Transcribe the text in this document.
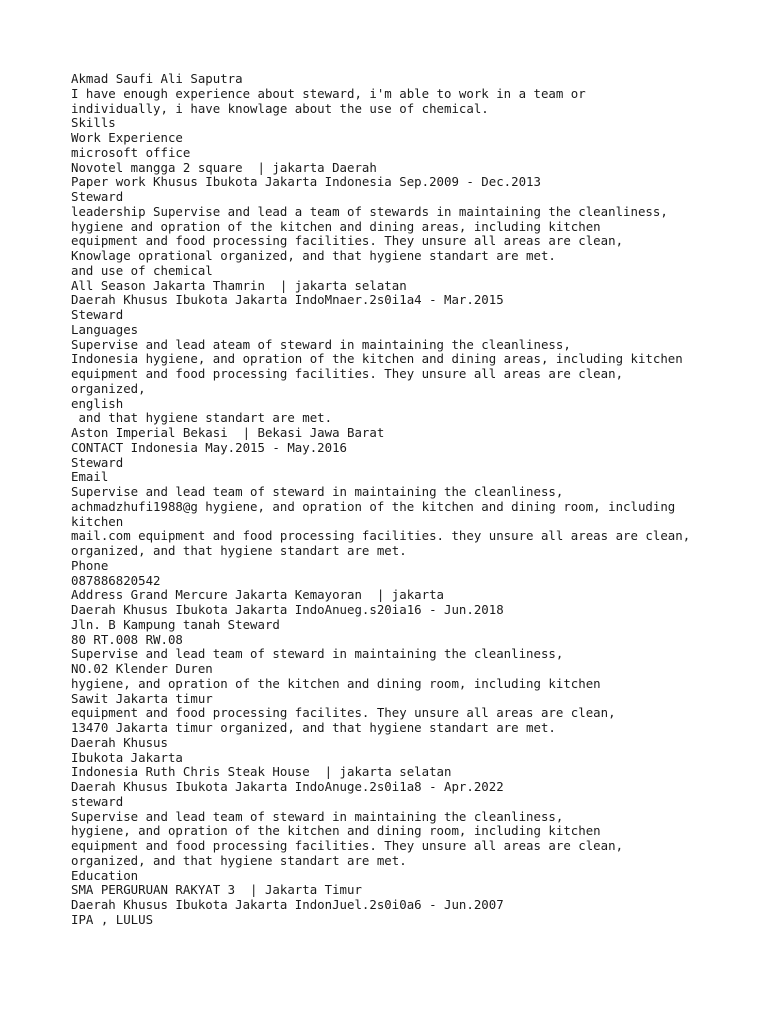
Akmad Saufi Ali Saputra
I have enough experience about steward, i'm able to work in a team or
individually, i have knowlage about the use of chemical.
Skills
Work Experience
microsoft office
Novotel mangga 2 square  | jakarta Daerah
Paper work Khusus Ibukota Jakarta Indonesia Sep.2009 - Dec.2013
Steward
leadership Supervise and lead a team of stewards in maintaining the cleanliness,
hygiene and opration of the kitchen and dining areas, including kitchen
equipment and food processing facilities. They unsure all areas are clean,
Knowlage oprational organized, and that hygiene standart are met.
and use of chemical
All Season Jakarta Thamrin  | jakarta selatan
Daerah Khusus Ibukota Jakarta IndoMnaer.2s0i1a4 - Mar.2015
Steward
Languages
Supervise and lead ateam of steward in maintaining the cleanliness,
Indonesia hygiene, and opration of the kitchen and dining areas, including kitchen
equipment and food processing facilities. They unsure all areas are clean,
organized,
english
and that hygiene standart are met.
Aston Imperial Bekasi  | Bekasi Jawa Barat
CONTACT Indonesia May.2015 - May.2016
Steward
Email
Supervise and lead team of steward in maintaining the cleanliness,
achmadzhufi1988@g hygiene, and opration of the kitchen and dining room, including
kitchen
mail.com equipment and food processing facilities. they unsure all areas are clean,
organized, and that hygiene standart are met.
Phone
087886820542
Address Grand Mercure Jakarta Kemayoran  | jakarta
Daerah Khusus Ibukota Jakarta IndoAnueg.s20ia16 - Jun.2018
Jln. B Kampung tanah Steward
80 RT.008 RW.08
Supervise and lead team of steward in maintaining the cleanliness,
NO.02 Klender Duren
hygiene, and opration of the kitchen and dining room, including kitchen
Sawit Jakarta timur
equipment and food processing facilites. They unsure all areas are clean,
13470 Jakarta timur organized, and that hygiene standart are met.
Daerah Khusus
Ibukota Jakarta
Indonesia Ruth Chris Steak House  | jakarta selatan
Daerah Khusus Ibukota Jakarta IndoAnuge.2s0i1a8 - Apr.2022
steward
Supervise and lead team of steward in maintaining the cleanliness,
hygiene, and opration of the kitchen and dining room, including kitchen
equipment and food processing facilities. They unsure all areas are clean,
organized, and that hygiene standart are met.
Education
SMA PERGURUAN RAKYAT 3  | Jakarta Timur
Daerah Khusus Ibukota Jakarta IndonJuel.2s0i0a6 - Jun.2007
IPA , LULUS
